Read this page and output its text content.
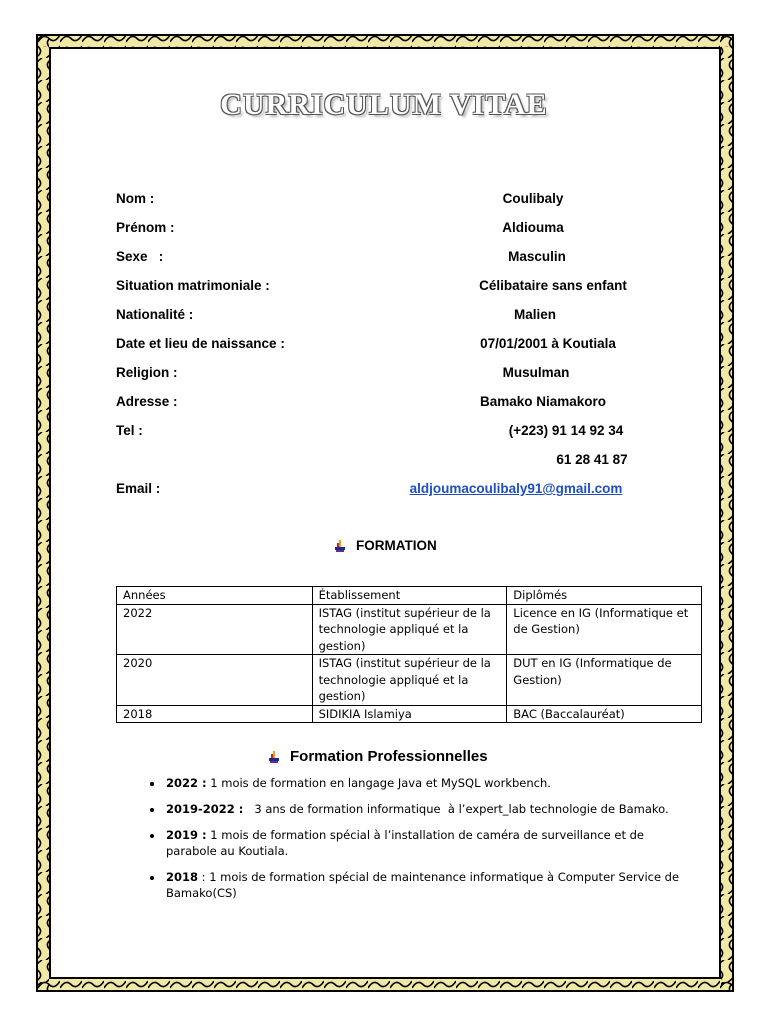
CURRICULUM VITAE
Nom :	Coulibaly
Prénom :	Aldiouma
Sexe   :	Masculin
Situation matrimoniale :	Célibataire sans enfant
Nationalité :	Malien
Date et lieu de naissance :	07/01/2001 à Koutiala
Religion :	Musulman
Adresse :	Bamako Niamakoro
Tel :	(+223) 91 14 92 34
61 28 41 87
Email :	aldjoumacoulibaly91@gmail.com
FORMATION
Années	Établissement	Diplômés
2022	ISTAG (institut supérieur de la technologie appliqué et la gestion)	Licence en IG (Informatique et de Gestion)
2020	ISTAG (institut supérieur de la technologie appliqué et la gestion)	DUT en IG (Informatique de Gestion)
2018	SIDIKIA Islamiya	BAC (Baccalauréat)
Formation Professionnelles
• 2022 : 1 mois de formation en langage Java et MySQL workbench.
• 2019-2022 :   3 ans de formation informatique  à l’expert_lab technologie de Bamako.
• 2019 : 1 mois de formation spécial à l’installation de caméra de surveillance et de parabole au Koutiala.
• 2018 : 1 mois de formation spécial de maintenance informatique à Computer Service de Bamako(CS)
